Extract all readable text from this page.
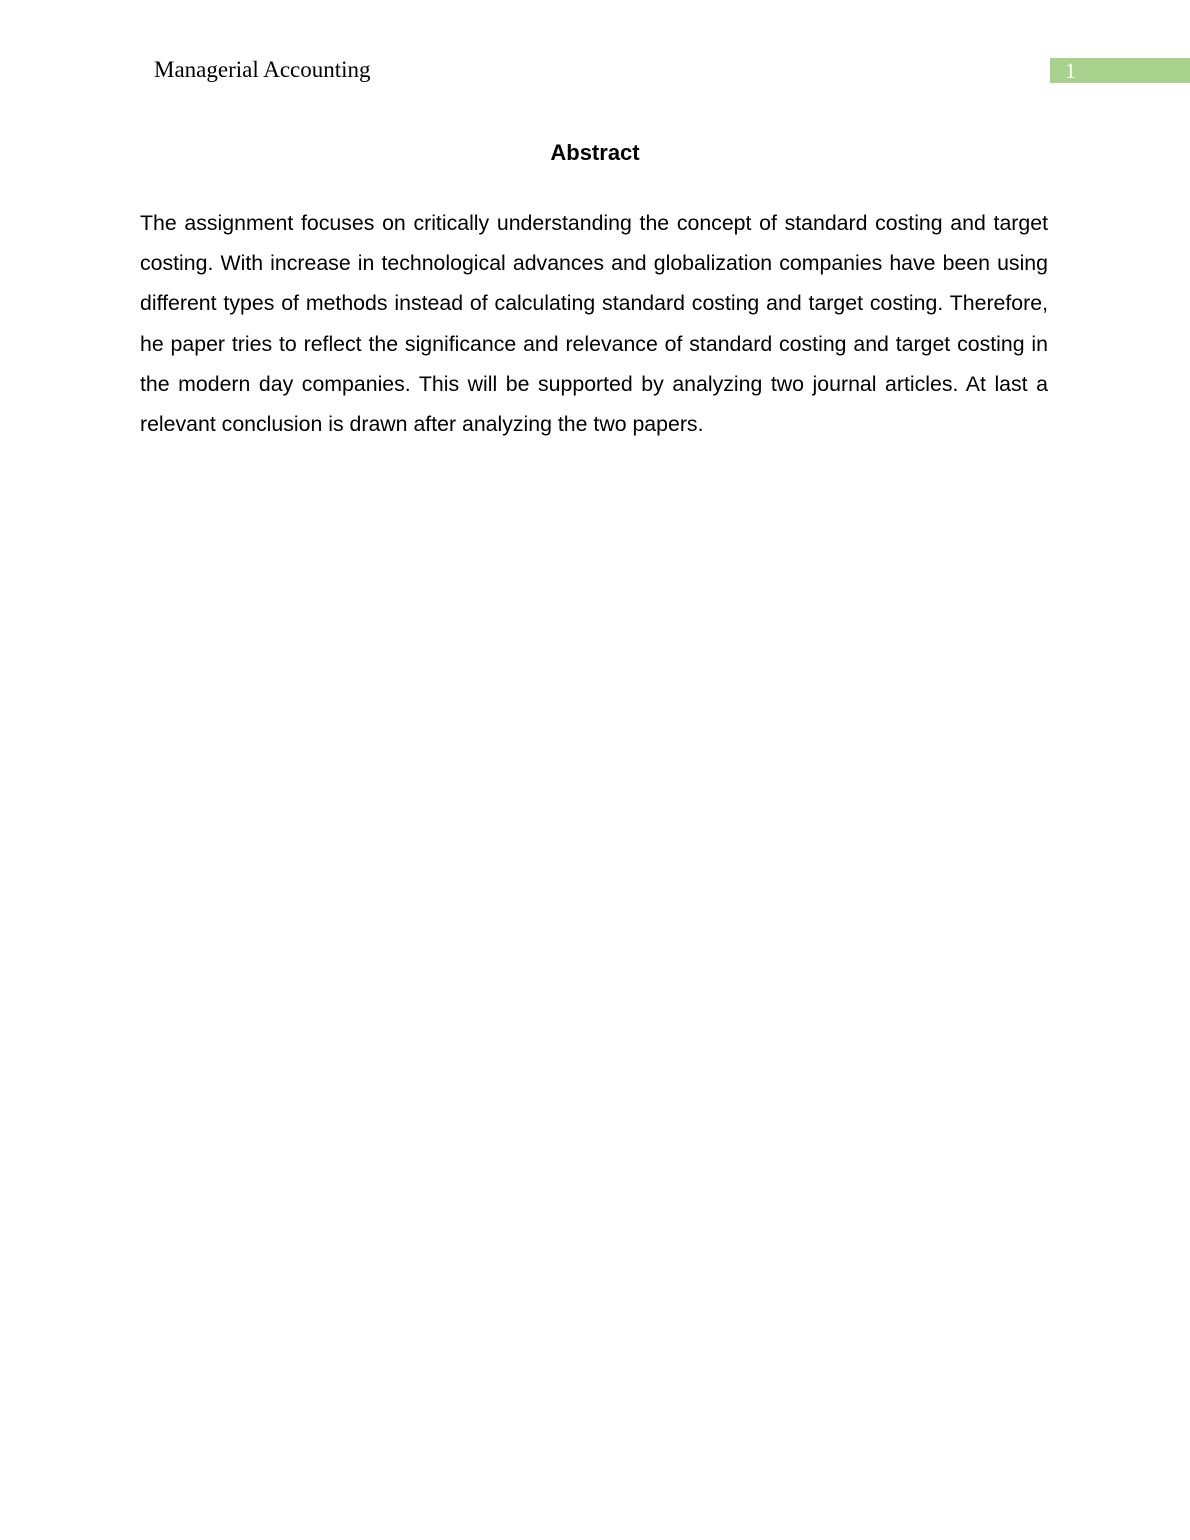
Managerial Accounting	1
Abstract

The assignment focuses on critically understanding the concept of standard costing and target costing. With increase in technological advances and globalization companies have been using different types of methods instead of calculating standard costing and target costing. Therefore, he paper tries to reflect the significance and relevance of standard costing and target costing in the modern day companies. This will be supported by analyzing two journal articles. At last a relevant conclusion is drawn after analyzing the two papers.
